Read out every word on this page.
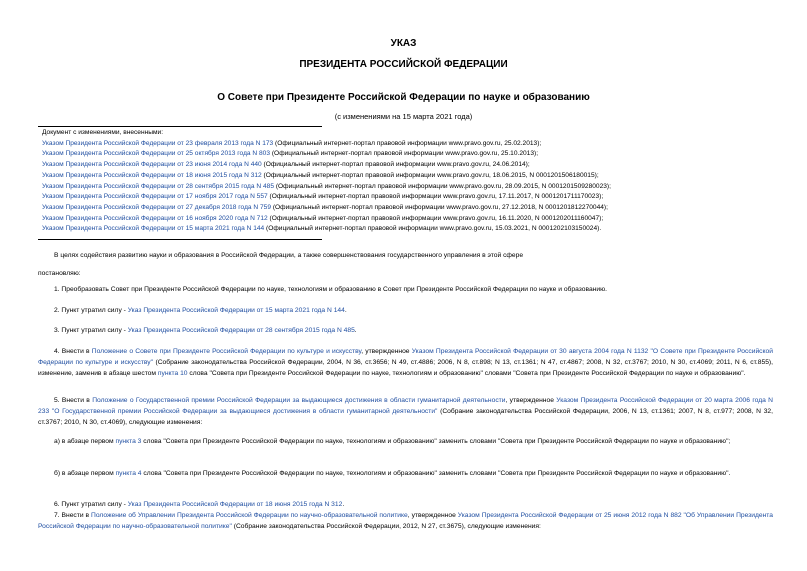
УКАЗ
ПРЕЗИДЕНТА РОССИЙСКОЙ ФЕДЕРАЦИИ
О Совете при Президенте Российской Федерации по науке и образованию
(с изменениями на 15 марта 2021 года)
Документ с изменениями, внесенными:
Указом Президента Российской Федерации от 23 февраля 2013 года N 173 (Официальный интернет-портал правовой информации www.pravo.gov.ru, 25.02.2013);
Указом Президента Российской Федерации от 25 октября 2013 года N 803 (Официальный интернет-портал правовой информации www.pravo.gov.ru, 25.10.2013);
Указом Президента Российской Федерации от 23 июня 2014 года N 440 (Официальный интернет-портал правовой информации www.pravo.gov.ru, 24.06.2014);
Указом Президента Российской Федерации от 18 июня 2015 года N 312 (Официальный интернет-портал правовой информации www.pravo.gov.ru, 18.06.2015, N 0001201506180015);
Указом Президента Российской Федерации от 28 сентября 2015 года N 485 (Официальный интернет-портал правовой информации www.pravo.gov.ru, 28.09.2015, N 0001201509280023);
Указом Президента Российской Федерации от 17 ноября 2017 года N 557 (Официальный интернет-портал правовой информации www.pravo.gov.ru, 17.11.2017, N 0001201711170023);
Указом Президента Российской Федерации от 27 декабря 2018 года N 759 (Официальный интернет-портал правовой информации www.pravo.gov.ru, 27.12.2018, N 0001201812270044);
Указом Президента Российской Федерации от 16 ноября 2020 года N 712 (Официальный интернет-портал правовой информации www.pravo.gov.ru, 16.11.2020, N 0001202011160047);
Указом Президента Российской Федерации от 15 марта 2021 года N 144 (Официальный интернет-портал правовой информации www.pravo.gov.ru, 15.03.2021, N 0001202103150024).
В целях содействия развитию науки и образования в Российской Федерации, а также совершенствования государственного управления в этой сфере
постановляю:
1. Преобразовать Совет при Президенте Российской Федерации по науке, технологиям и образованию в Совет при Президенте Российской Федерации по науке и образованию.
2. Пункт утратил силу - Указ Президента Российской Федерации от 15 марта 2021 года N 144.
3. Пункт утратил силу - Указ Президента Российской Федерации от 28 сентября 2015 года N 485.
4. Внести в Положение о Совете при Президенте Российской Федерации по культуре и искусству, утвержденное Указом Президента Российской Федерации от 30 августа 2004 года N 1132 "О Совете при Президенте Российской Федерации по культуре и искусству" (Собрание законодательства Российской Федерации, 2004, N 36, ст.3656; N 49, ст.4886; 2006, N 8, ст.898; N 13, ст.1361; N 47, ст.4867; 2008, N 32, ст.3767; 2010, N 30, ст.4069; 2011, N 6, ст.855), изменение, заменив в абзаце шестом пункта 10 слова "Совета при Президенте Российской Федерации по науке, технологиям и образованию" словами "Совета при Президенте Российской Федерации по науке и образованию".
5. Внести в Положение о Государственной премии Российской Федерации за выдающиеся достижения в области гуманитарной деятельности, утвержденное Указом Президента Российской Федерации от 20 марта 2006 года N 233 "О Государственной премии Российской Федерации за выдающиеся достижения в области гуманитарной деятельности" (Собрание законодательства Российской Федерации, 2006, N 13, ст.1361; 2007, N 8, ст.977; 2008, N 32, ст.3767; 2010, N 30, ст.4069), следующие изменения:
а) в абзаце первом пункта 3 слова "Совета при Президенте Российской Федерации по науке, технологиям и образованию" заменить словами "Совета при Президенте Российской Федерации по науке и образованию";
б) в абзаце первом пункта 4 слова "Совета при Президенте Российской Федерации по науке, технологиям и образованию" заменить словами "Совета при Президенте Российской Федерации по науке и образованию".
6. Пункт утратил силу - Указ Президента Российской Федерации от 18 июня 2015 года N 312.
7. Внести в Положение об Управлении Президента Российской Федерации по научно-образовательной политике, утвержденное Указом Президента Российской Федерации от 25 июня 2012 года N 882 "Об Управлении Президента Российской Федерации по научно-образовательной политике" (Собрание законодательства Российской Федерации, 2012, N 27, ст.3675), следующие изменения:
